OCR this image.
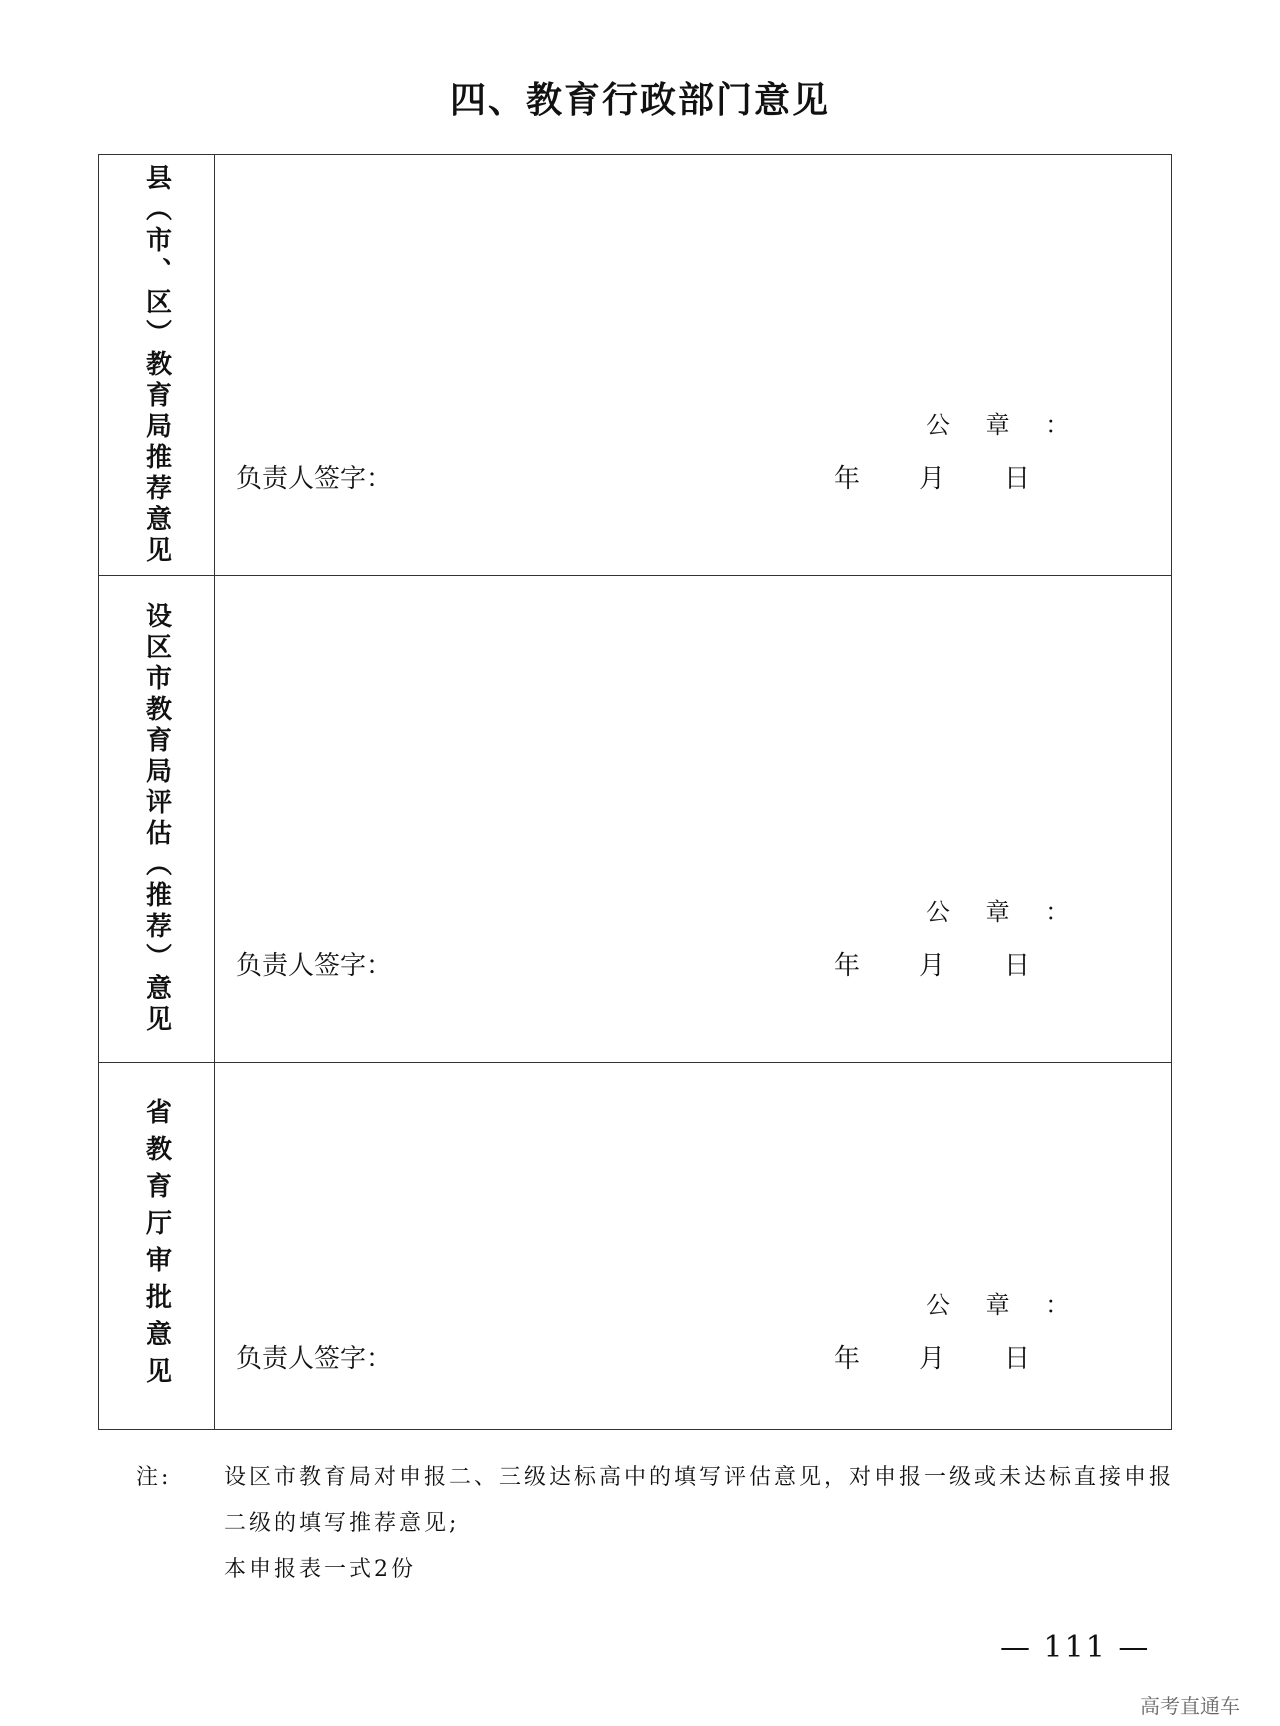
四、教育行政部门意见
县（市、区）教育局推荐意见	公 章 ：
负责人签字：	年 月 日
设区市教育局评估（推荐）意见	公 章 ：
负责人签字：	年 月 日
省教育厅审批意见	公 章 ：
负责人签字：	年 月 日
注: 设区市教育局对申报二、三级达标高中的填写评估意见，对申报一级或未达标直接申报
二级的填写推荐意见;
本申报表一式2份
— 111 —
高考直通车
